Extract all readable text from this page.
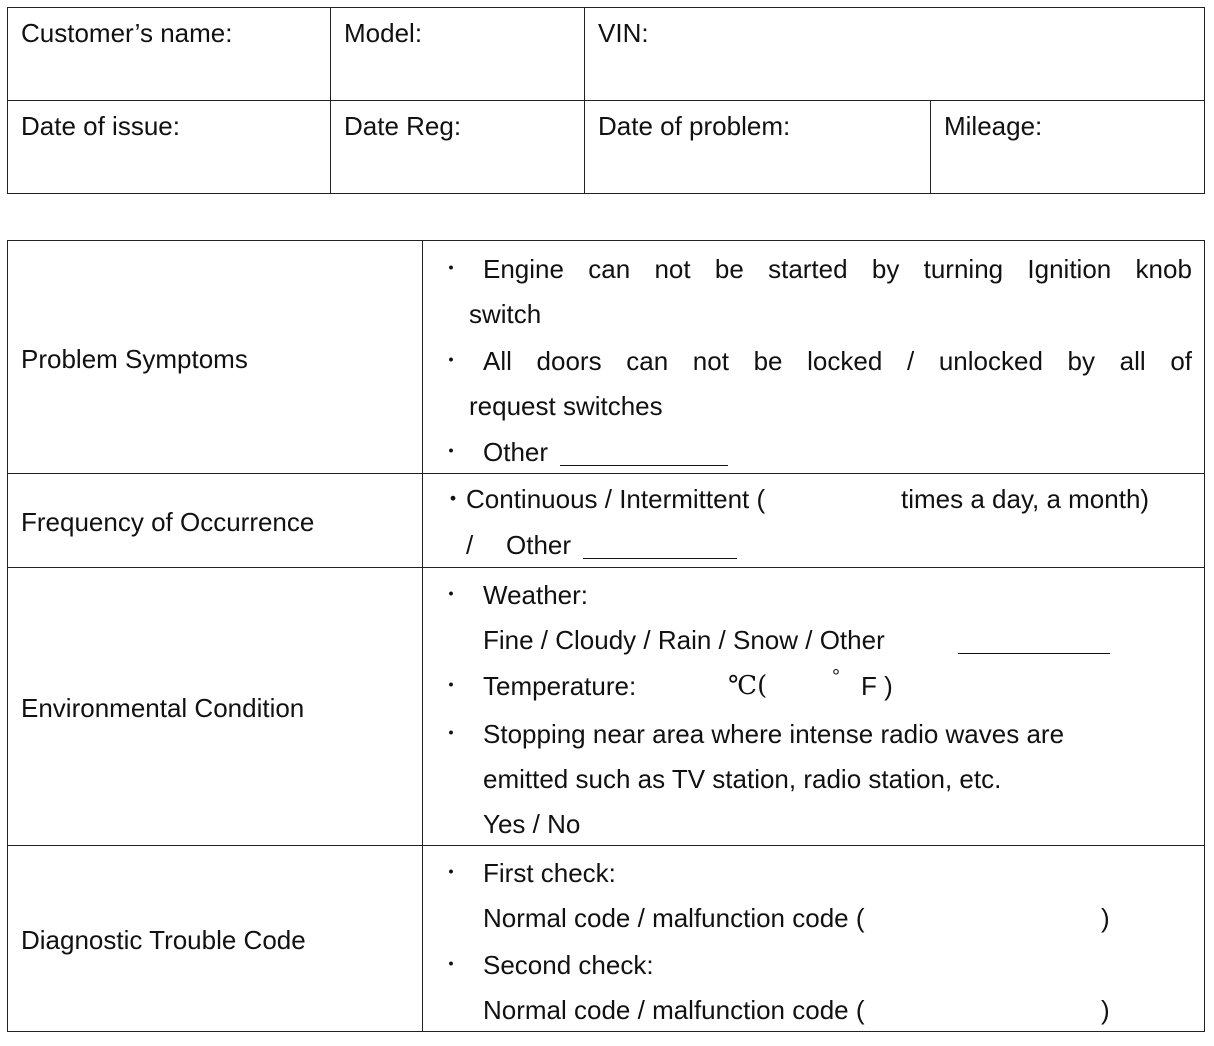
Customer’s name:	Model:	VIN:
Date of issue:	Date Reg:	Date of problem:	Mileage:
Problem Symptoms
・ Engine can not be started by turning Ignition knob
switch
・ All doors can not be locked / unlocked by all of
request switches
・ Other
Frequency of Occurrence
・Continuous / Intermittent (	times a day, a month)
/ Other
Environmental Condition
・ Weather:
Fine / Cloudy / Rain / Snow / Other
・ Temperature:	℃(	° F )
・ Stopping near area where intense radio waves are
emitted such as TV station, radio station, etc.
Yes / No
Diagnostic Trouble Code
・ First check:
Normal code / malfunction code (	)
・ Second check:
Normal code / malfunction code (	)
